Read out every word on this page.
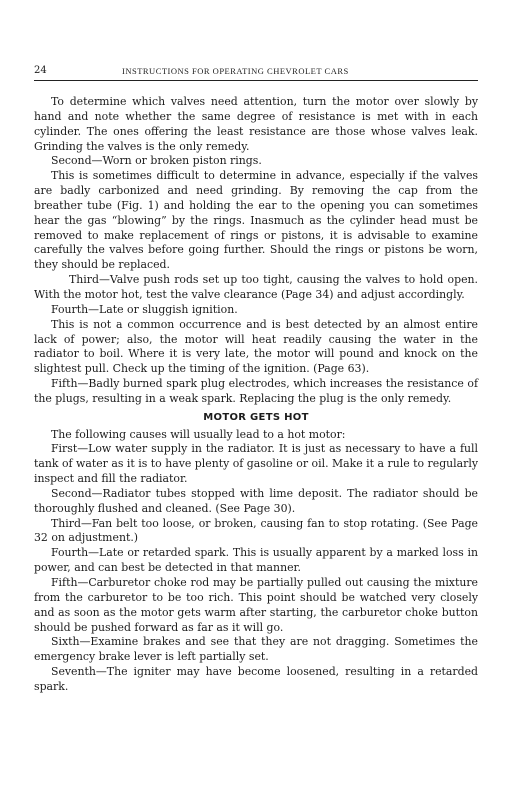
24	INSTRUCTIONS FOR OPERATING CHEVROLET CARS

To determine which valves need attention, turn the motor over slowly by hand and note whether the same degree of resistance is met with in each cylinder. The ones offering the least resistance are those whose valves leak. Grinding the valves is the only remedy.

Second—Worn or broken piston rings.

This is sometimes difficult to determine in advance, especially if the valves are badly carbonized and need grinding. By removing the cap from the breather tube (Fig. 1) and holding the ear to the opening you can sometimes hear the gas “blowing” by the rings. Inasmuch as the cylinder head must be removed to make replacement of rings or pistons, it is advisable to examine carefully the valves before going further. Should the rings or pistons be worn, they should be replaced.

Third—Valve push rods set up too tight, causing the valves to hold open. With the motor hot, test the valve clearance (Page 34) and adjust accordingly.

Fourth—Late or sluggish ignition.

This is not a common occurrence and is best detected by an almost entire lack of power; also, the motor will heat readily causing the water in the radiator to boil. Where it is very late, the motor will pound and knock on the slightest pull. Check up the timing of the ignition. (Page 63).

Fifth—Badly burned spark plug electrodes, which increases the resistance of the plugs, resulting in a weak spark. Replacing the plug is the only remedy.

MOTOR GETS HOT

The following causes will usually lead to a hot motor:

First—Low water supply in the radiator. It is just as necessary to have a full tank of water as it is to have plenty of gasoline or oil. Make it a rule to regularly inspect and fill the radiator.

Second—Radiator tubes stopped with lime deposit. The radiator should be thoroughly flushed and cleaned. (See Page 30).

Third—Fan belt too loose, or broken, causing fan to stop rotating. (See Page 32 on adjustment.)

Fourth—Late or retarded spark. This is usually apparent by a marked loss in power, and can best be detected in that manner.

Fifth—Carburetor choke rod may be partially pulled out causing the mixture from the carburetor to be too rich. This point should be watched very closely and as soon as the motor gets warm after starting, the carburetor choke button should be pushed forward as far as it will go.

Sixth—Examine brakes and see that they are not dragging. Sometimes the emergency brake lever is left partially set.

Seventh—The igniter may have become loosened, resulting in a retarded spark.
